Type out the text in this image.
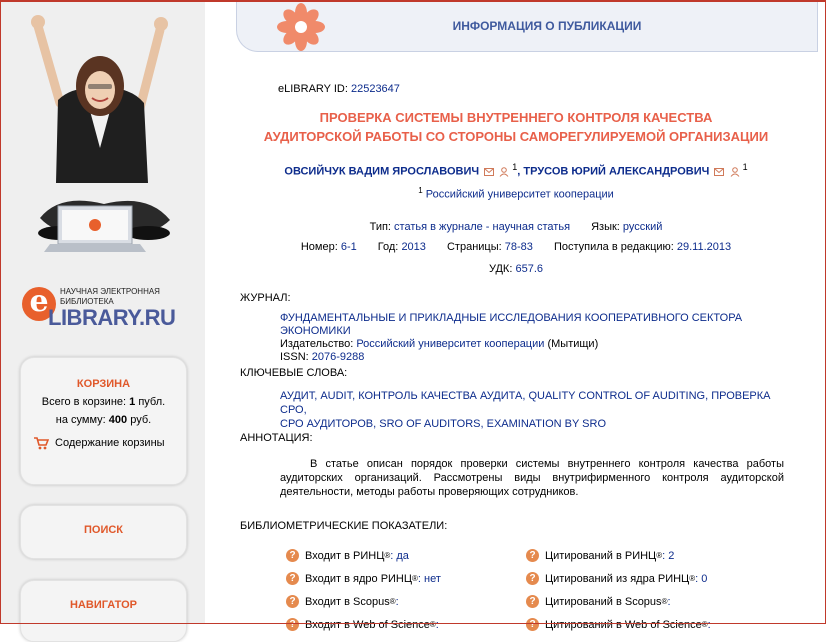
e	НАУЧНАЯ ЭЛЕКТРОННАЯ
БИБЛИОТЕКА
LIBRARY.RU
КОРЗИНА
Всего в корзине: 1 публ.
на сумму: 400 руб.
Содержание корзины
ПОИСК
НАВИГАТОР
ИНФОРМАЦИЯ О ПУБЛИКАЦИИ
eLIBRARY ID: 22523647
ПРОВЕРКА СИСТЕМЫ ВНУТРЕННЕГО КОНТРОЛЯ КАЧЕСТВА
АУДИТОРСКОЙ РАБОТЫ СО СТОРОНЫ САМОРЕГУЛИРУЕМОЙ ОРГАНИЗАЦИИ
ОВСИЙЧУК ВАДИМ ЯРОСЛАВОВИЧ	$^1$, ТРУСОВ ЮРИЙ АЛЕКСАНДРОВИЧ	$^1$
$^1$ Российский университет кооперации
Тип: статья в журнале - научная статья Язык: русский
Номер: 6-1 Год: 2013 Страницы: 78-83 Поступила в редакцию: 29.11.2013
УДК: 657.6
ЖУРНАЛ:
ФУНДАМЕНТАЛЬНЫЕ И ПРИКЛАДНЫЕ ИССЛЕДОВАНИЯ КООПЕРАТИВНОГО СЕКТОРА ЭКОНОМИКИ
Издательство: Российский университет кооперации (Мытищи)
ISSN: 2076-9288
КЛЮЧЕВЫЕ СЛОВА:
АУДИТ, AUDIT, КОНТРОЛЬ КАЧЕСТВА АУДИТА, QUALITY CONTROL OF AUDITING, ПРОВЕРКА СРО,
СРО АУДИТОРОВ, SRO OF AUDITORS, EXAMINATION BY SRO
АННОТАЦИЯ:
В статье описан порядок проверки системы внутреннего контроля качества работы аудиторских организаций. Рассмотрены виды внутрифирменного контроля аудиторской деятельности, методы работы проверяющих сотрудников.
БИБЛИОМЕТРИЧЕСКИЕ ПОКАЗАТЕЛИ:
? Входит в РИНЦ ® : да	? Цитирований в РИНЦ ® : 2
? Входит в ядро РИНЦ ® : нет	? Цитирований из ядра РИНЦ ® : 0
? Входит в Scopus ® :	? Цитирований в Scopus ® :
? Входит в Web of Science ® :	? Цитирований в Web of Science ® :
